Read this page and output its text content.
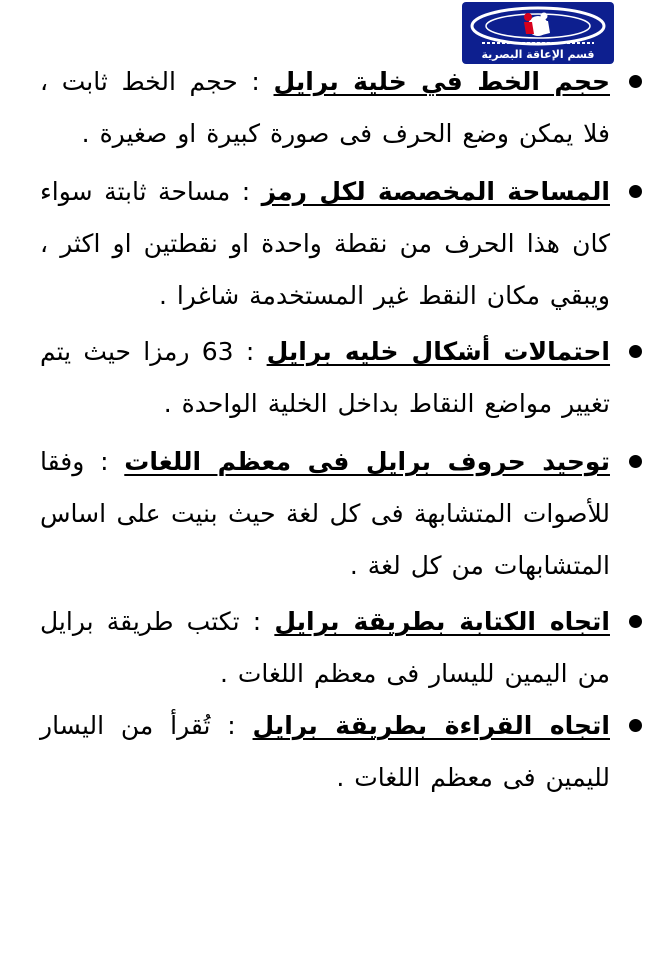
قسم الإعاقة البصرية
حجم الخط في خلية برايل : حجم الخط ثابت ، فلا يمكن وضع الحرف فى صورة كبيرة او صغيرة .
المساحة المخصصة لكل رمز : مساحة ثابتة سواء كان هذا الحرف من نقطة واحدة او نقطتين او اكثر ، ويبقي مكان النقط غير المستخدمة شاغرا .
احتمالات أشكال خليه برايل : 63 رمزا حيث يتم تغيير مواضع النقاط بداخل الخلية الواحدة .
توحيد حروف برايل فى معظم اللغات : وفقا للأصوات المتشابهة فى كل لغة حيث بنيت على اساس المتشابهات من كل لغة .
اتجاه الكتابة بطريقة برايل : تكتب طريقة برايل من اليمين لليسار فى معظم اللغات .
اتجاه القراءة بطريقة برايل : تُقرأ من اليسار لليمين فى معظم اللغات .
